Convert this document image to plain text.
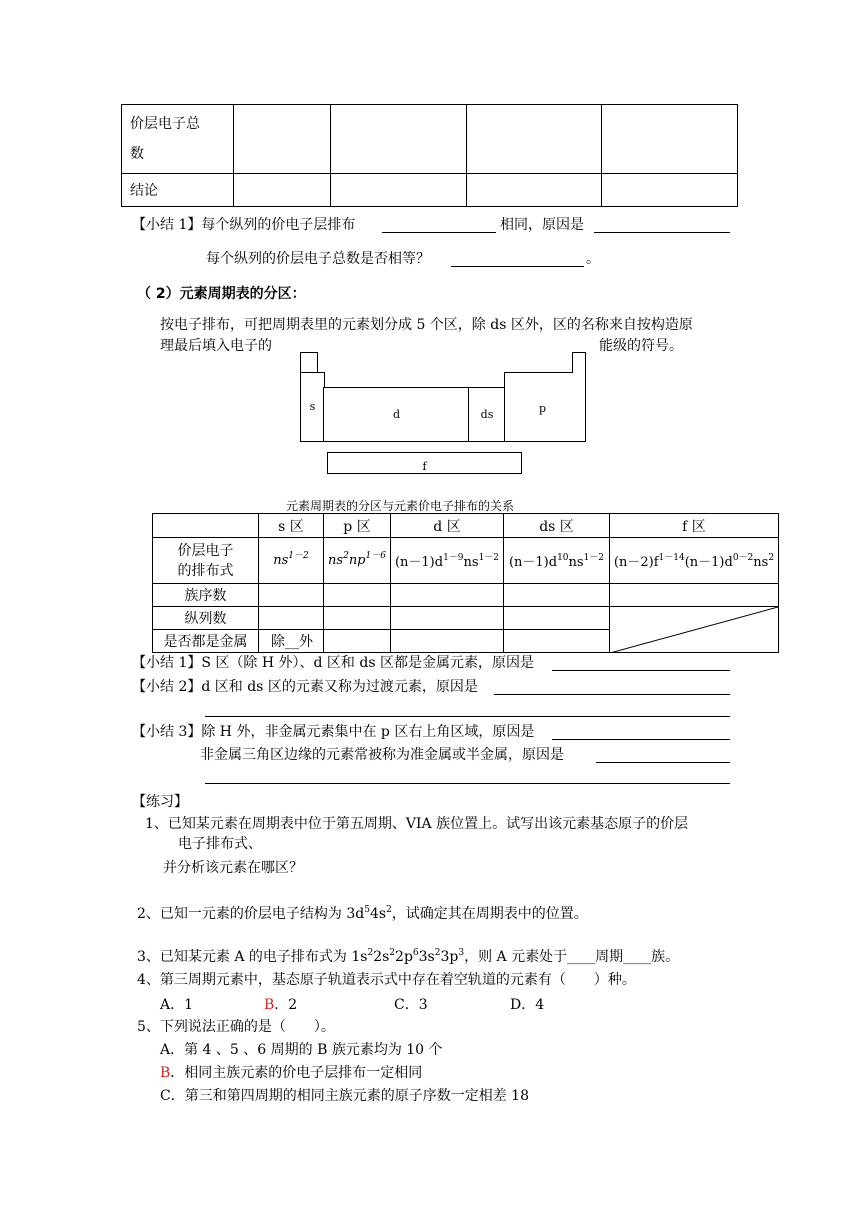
价层电子总
数				
结论				
【小结 1】每个纵列的价电子层排布	相同，原因是
每个纵列的价层电子总数是否相等？	。
（ 2）元素周期表的分区：
按电子排布，可把周期表里的元素划分成 5 个区，除 ds 区外，区的名称来自按构造原
理最后填入电子的	能级的符号。
s
d	ds	p
f
元素周期表的分区与元素价电子排布的关系
	s 区	p 区	d 区	ds 区	f 区
价层电子
的排布式	$ns^{1-2}$	$ns^2np^{1-6}$	$(n-1)d^{1-9}ns^{1-2}$	$(n-1)d^{10}ns^{1-2}$	$(n-2)f^{1-14}(n-1)d^{0-2}ns^2$
族序数					
纵列数					

是否都是金属	除__外				
【小结 1】S 区（除 H 外）、d 区和 ds 区都是金属元素，原因是
【小结 2】d 区和 ds 区的元素又称为过渡元素，原因是
【小结 3】除 H 外，非金属元素集中在 p 区右上角区域，原因是
非金属三角区边缘的元素常被称为准金属或半金属，原因是
【练习】
1、已知某元素在周期表中位于第五周期、VIA 族位置上。试写出该元素基态原子的价层
电子排布式、
并分析该元素在哪区？
2、已知一元素的价层电子结构为 $3d^54s^2$，试确定其在周期表中的位置。
3、已知某元素 A 的电子排布式为 $1s^22s^22p^63s^23p^3$，则 A 元素处于____周期____族。
4、第三周期元素中，基态原子轨道表示式中存在着空轨道的元素有（　　）种。
A．1	B．2	C．3	D．4
5、下列说法正确的是（　　）。
A．第 4 、5 、6 周期的 B 族元素均为 10 个
B．相同主族元素的价电子层排布一定相同
C．第三和第四周期的相同主族元素的原子序数一定相差 18
